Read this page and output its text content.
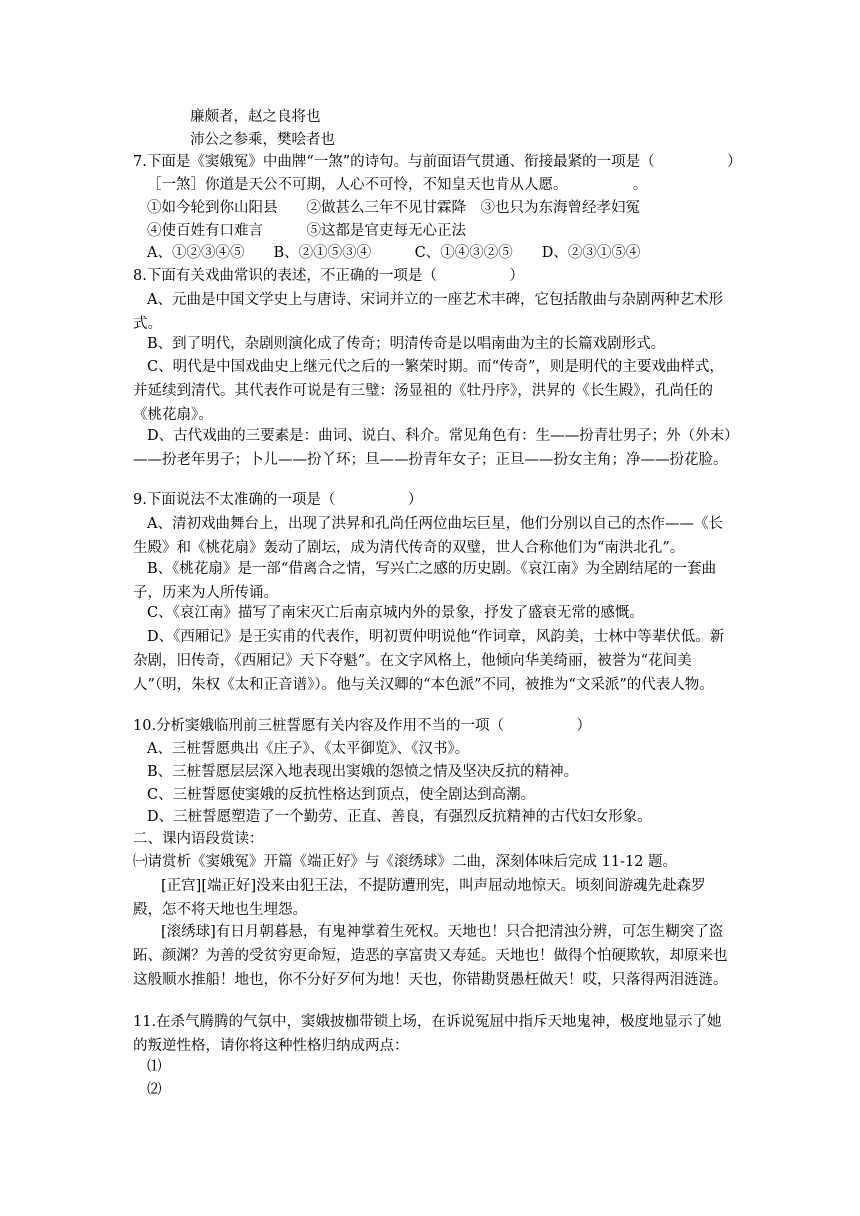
廉颇者，赵之良将也
沛公之参乘，樊哙者也
7.下面是《窦娥冤》中曲牌“一煞”的诗句。与前面语气贯通、衔接最紧的一项是（　　　　　）
［一煞］你道是天公不可期，人心不可怜，不知皇天也肯从人愿。　　　　　。
①如今轮到你山阳县　　②做甚么三年不见甘霖降　③也只为东海曾经孝妇冤
④使百姓有口难言　　　⑤这都是官吏每无心正法
A、①②③④⑤　　B、②①⑤③④　　　C、①④③②⑤　　D、②③①⑤④
8.下面有关戏曲常识的表述，不正确的一项是（　　　　　）
A、元曲是中国文学史上与唐诗、宋词并立的一座艺术丰碑，它包括散曲与杂剧两种艺术形式。
B、到了明代，杂剧则演化成了传奇；明清传奇是以唱南曲为主的长篇戏剧形式。
C、明代是中国戏曲史上继元代之后的一繁荣时期。而“传奇”，则是明代的主要戏曲样式，并延续到清代。其代表作可说是有三璧：汤显祖的《牡丹序》，洪昇的《长生殿》，孔尚任的《桃花扇》。
D、古代戏曲的三要素是：曲词、说白、科介。常见角色有：生——扮青壮男子；外（外末）——扮老年男子；卜儿——扮丫环；旦——扮青年女子；正旦——扮女主角；净——扮花脸。
9.下面说法不太准确的一项是（　　　　　）
A、清初戏曲舞台上，出现了洪昇和孔尚任两位曲坛巨星，他们分别以自己的杰作——《长生殿》和《桃花扇》轰动了剧坛，成为清代传奇的双璧，世人合称他们为“南洪北孔”。
B、《桃花扇》是一部“借离合之情，写兴亡之感的历史剧。《哀江南》为全剧结尾的一套曲子，历来为人所传诵。
C、《哀江南》描写了南宋灭亡后南京城内外的景象，抒发了盛衰无常的感慨。
D、《西厢记》是王实甫的代表作，明初贾仲明说他“作词章，风韵美，士林中等辈伏低。新杂剧，旧传奇，《西厢记》天下夺魁”。在文字风格上，他倾向华美绮丽，被誉为“花间美人”（明，朱权《太和正音谱》）。他与关汉卿的“本色派”不同，被推为“文采派”的代表人物。
10.分析窦娥临刑前三桩誓愿有关内容及作用不当的一项（　　　　　）
A、三桩誓愿典出《庄子》、《太平御览》、《汉书》。
B、三桩誓愿层层深入地表现出窦娥的怨愤之情及坚决反抗的精神。
C、三桩誓愿使窦娥的反抗性格达到顶点，使全剧达到高潮。
D、三桩誓愿塑造了一个勤劳、正直、善良，有强烈反抗精神的古代妇女形象。
二、课内语段赏读：
㈠请赏析《窦娥冤》开篇《端正好》与《滚绣球》二曲，深刻体味后完成 11-12 题。
[正宫][端正好]没来由犯王法，不提防遭刑宪，叫声屈动地惊天。顷刻间游魂先赴森罗殿，怎不将天地也生埋怨。
[滚绣球]有日月朝暮悬，有鬼神掌着生死权。天地也！只合把清浊分辨，可怎生糊突了盗跖、颜渊？为善的受贫穷更命短，造恶的享富贵又寿延。天地也！做得个怕硬欺软，却原来也这般顺水推船！地也，你不分好歹何为地！天也，你错勘贤愚枉做天！哎，只落得两泪涟涟。
11.在杀气腾腾的气氛中，窦娥披枷带锁上场，在诉说冤屈中指斥天地鬼神，极度地显示了她的叛逆性格，请你将这种性格归纳成两点：
⑴
⑵
